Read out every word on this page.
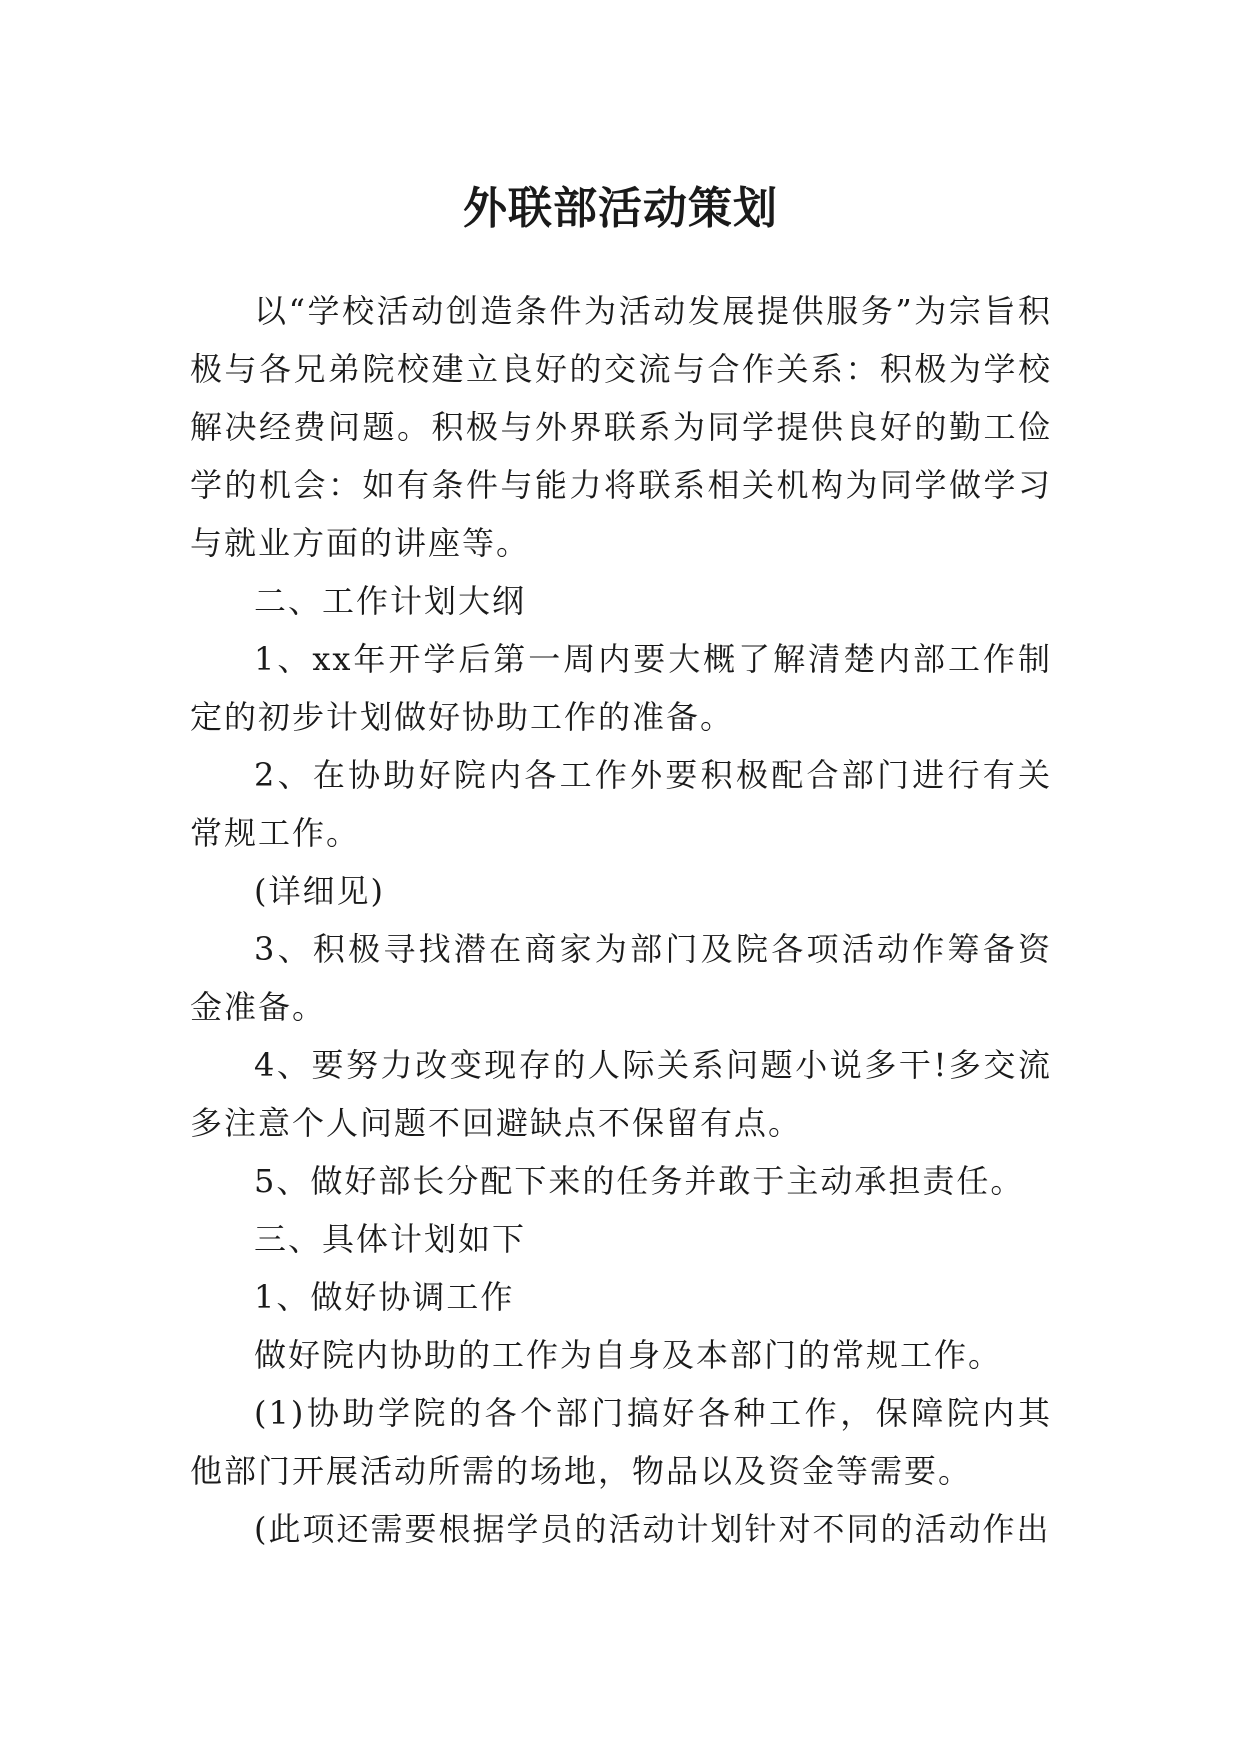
外联部活动策划

以“学校活动创造条件为活动发展提供服务”为宗旨积极与各兄弟院校建立良好的交流与合作关系：积极为学校解决经费问题。积极与外界联系为同学提供良好的勤工俭学的机会：如有条件与能力将联系相关机构为同学做学习与就业方面的讲座等。

二、工作计划大纲

1、xx年开学后第一周内要大概了解清楚内部工作制定的初步计划做好协助工作的准备。

2、在协助好院内各工作外要积极配合部门进行有关常规工作。

(详细见)

3、积极寻找潜在商家为部门及院各项活动作筹备资金准备。

4、要努力改变现存的人际关系问题小说多干!多交流多注意个人问题不回避缺点不保留有点。

5、做好部长分配下来的任务并敢于主动承担责任。

三、具体计划如下

1、做好协调工作

做好院内协助的工作为自身及本部门的常规工作。

(1)协助学院的各个部门搞好各种工作，保障院内其他部门开展活动所需的场地，物品以及资金等需要。

(此项还需要根据学员的活动计划针对不同的活动作出
